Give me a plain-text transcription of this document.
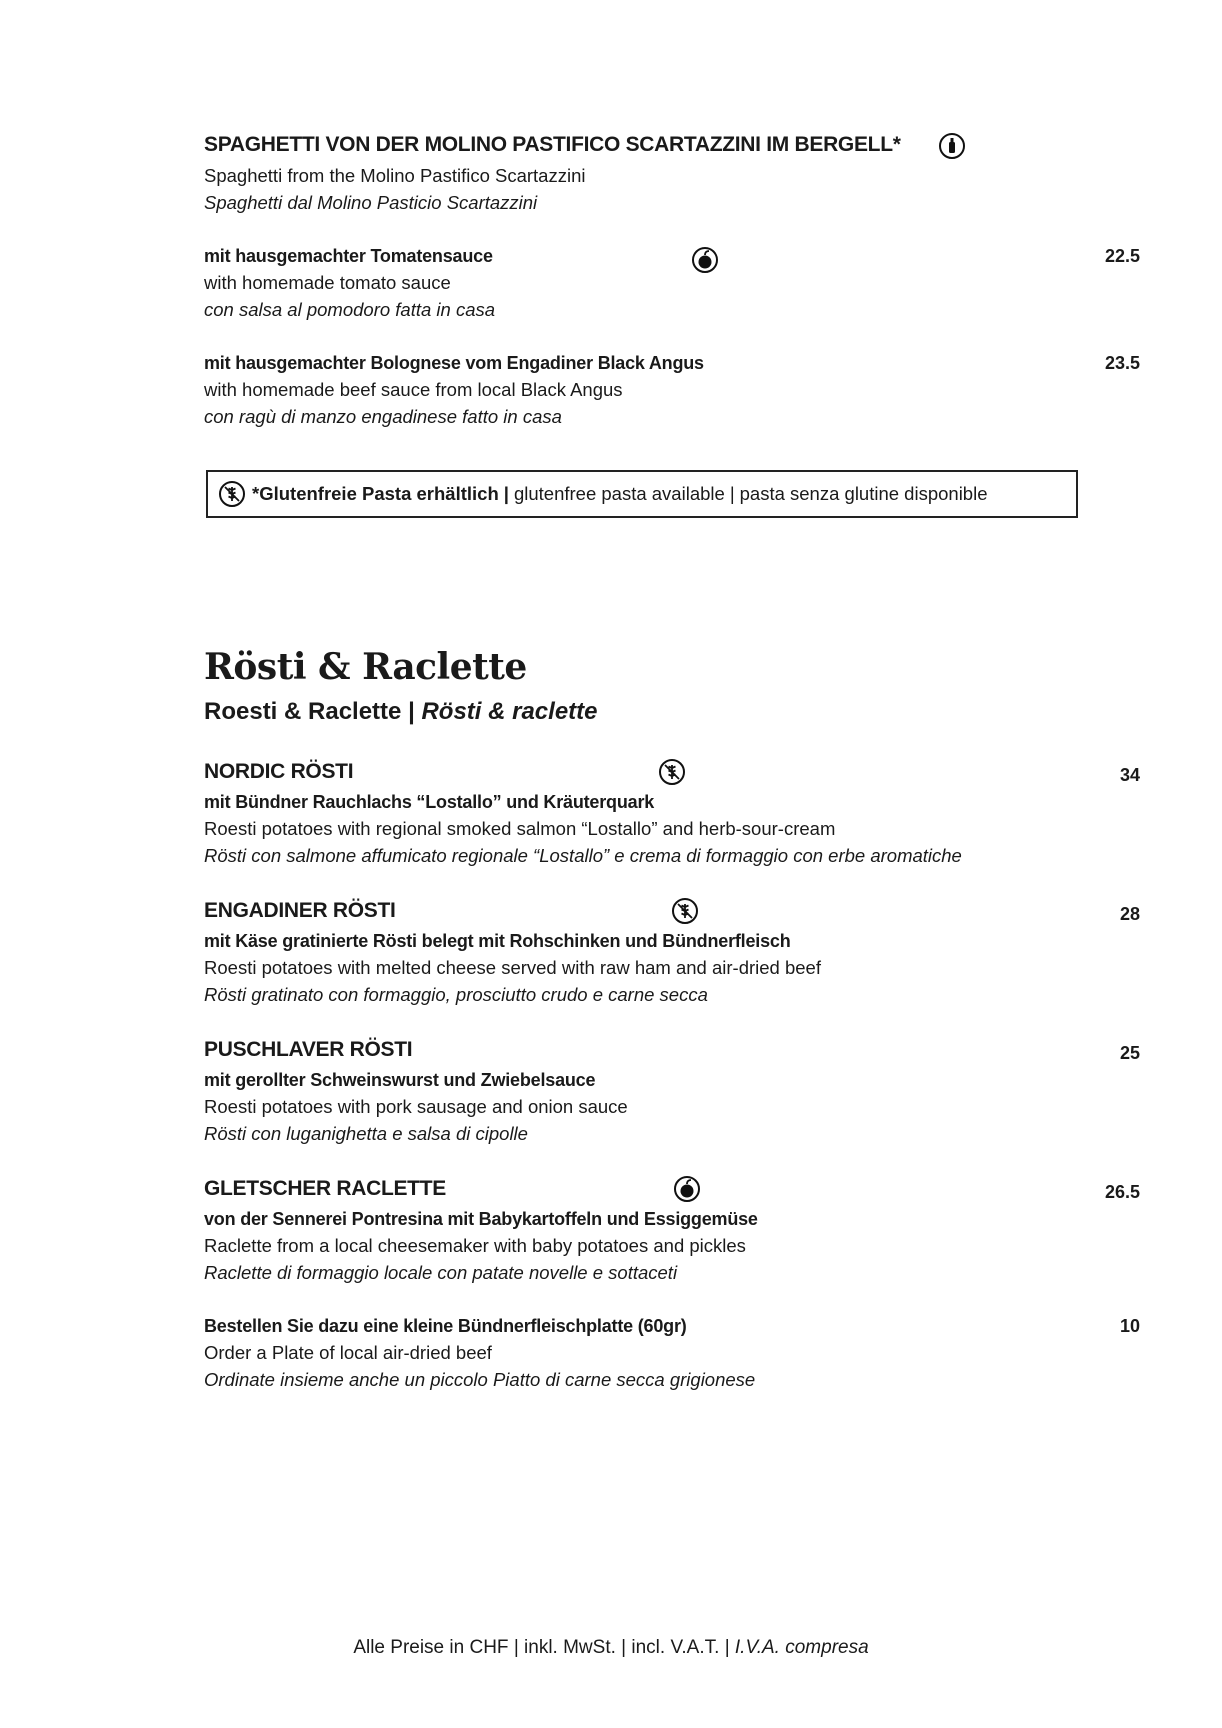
SPAGHETTI VON DER MOLINO PASTIFICO SCARTAZZINI IM BERGELL*
Spaghetti from the Molino Pastifico Scartazzini
Spaghetti dal Molino Pasticio Scartazzini
mit hausgemachter Tomatensauce	22.5
with homemade tomato sauce
con salsa al pomodoro fatta in casa
mit hausgemachter Bolognese vom Engadiner Black Angus	23.5
with homemade beef sauce from local Black Angus
con ragù di manzo engadinese fatto in casa
*Glutenfreie Pasta erhältlich | glutenfree pasta available | pasta senza glutine disponible
Rösti & Raclette
Roesti & Raclette | Rösti & raclette
NORDIC RÖSTI	34
mit Bündner Rauchlachs “Lostallo” und Kräuterquark
Roesti potatoes with regional smoked salmon “Lostallo” and herb-sour-cream
Rösti con salmone affumicato regionale “Lostallo” e crema di formaggio con erbe aromatiche
ENGADINER RÖSTI	28
mit Käse gratinierte Rösti belegt mit Rohschinken und Bündnerfleisch
Roesti potatoes with melted cheese served with raw ham and air-dried beef
Rösti gratinato con formaggio, prosciutto crudo e carne secca
PUSCHLAVER RÖSTI	25
mit gerollter Schweinswurst und Zwiebelsauce
Roesti potatoes with pork sausage and onion sauce
Rösti con luganighetta e salsa di cipolle
GLETSCHER RACLETTE	26.5
von der Sennerei Pontresina mit Babykartoffeln und Essiggemüse
Raclette from a local cheesemaker with baby potatoes and pickles
Raclette di formaggio locale con patate novelle e sottaceti
Bestellen Sie dazu eine kleine Bündnerfleischplatte (60gr)	10
Order a Plate of local air-dried beef
Ordinate insieme anche un piccolo Piatto di carne secca grigionese
Alle Preise in CHF | inkl. MwSt. | incl. V.A.T. | I.V.A. compresa
